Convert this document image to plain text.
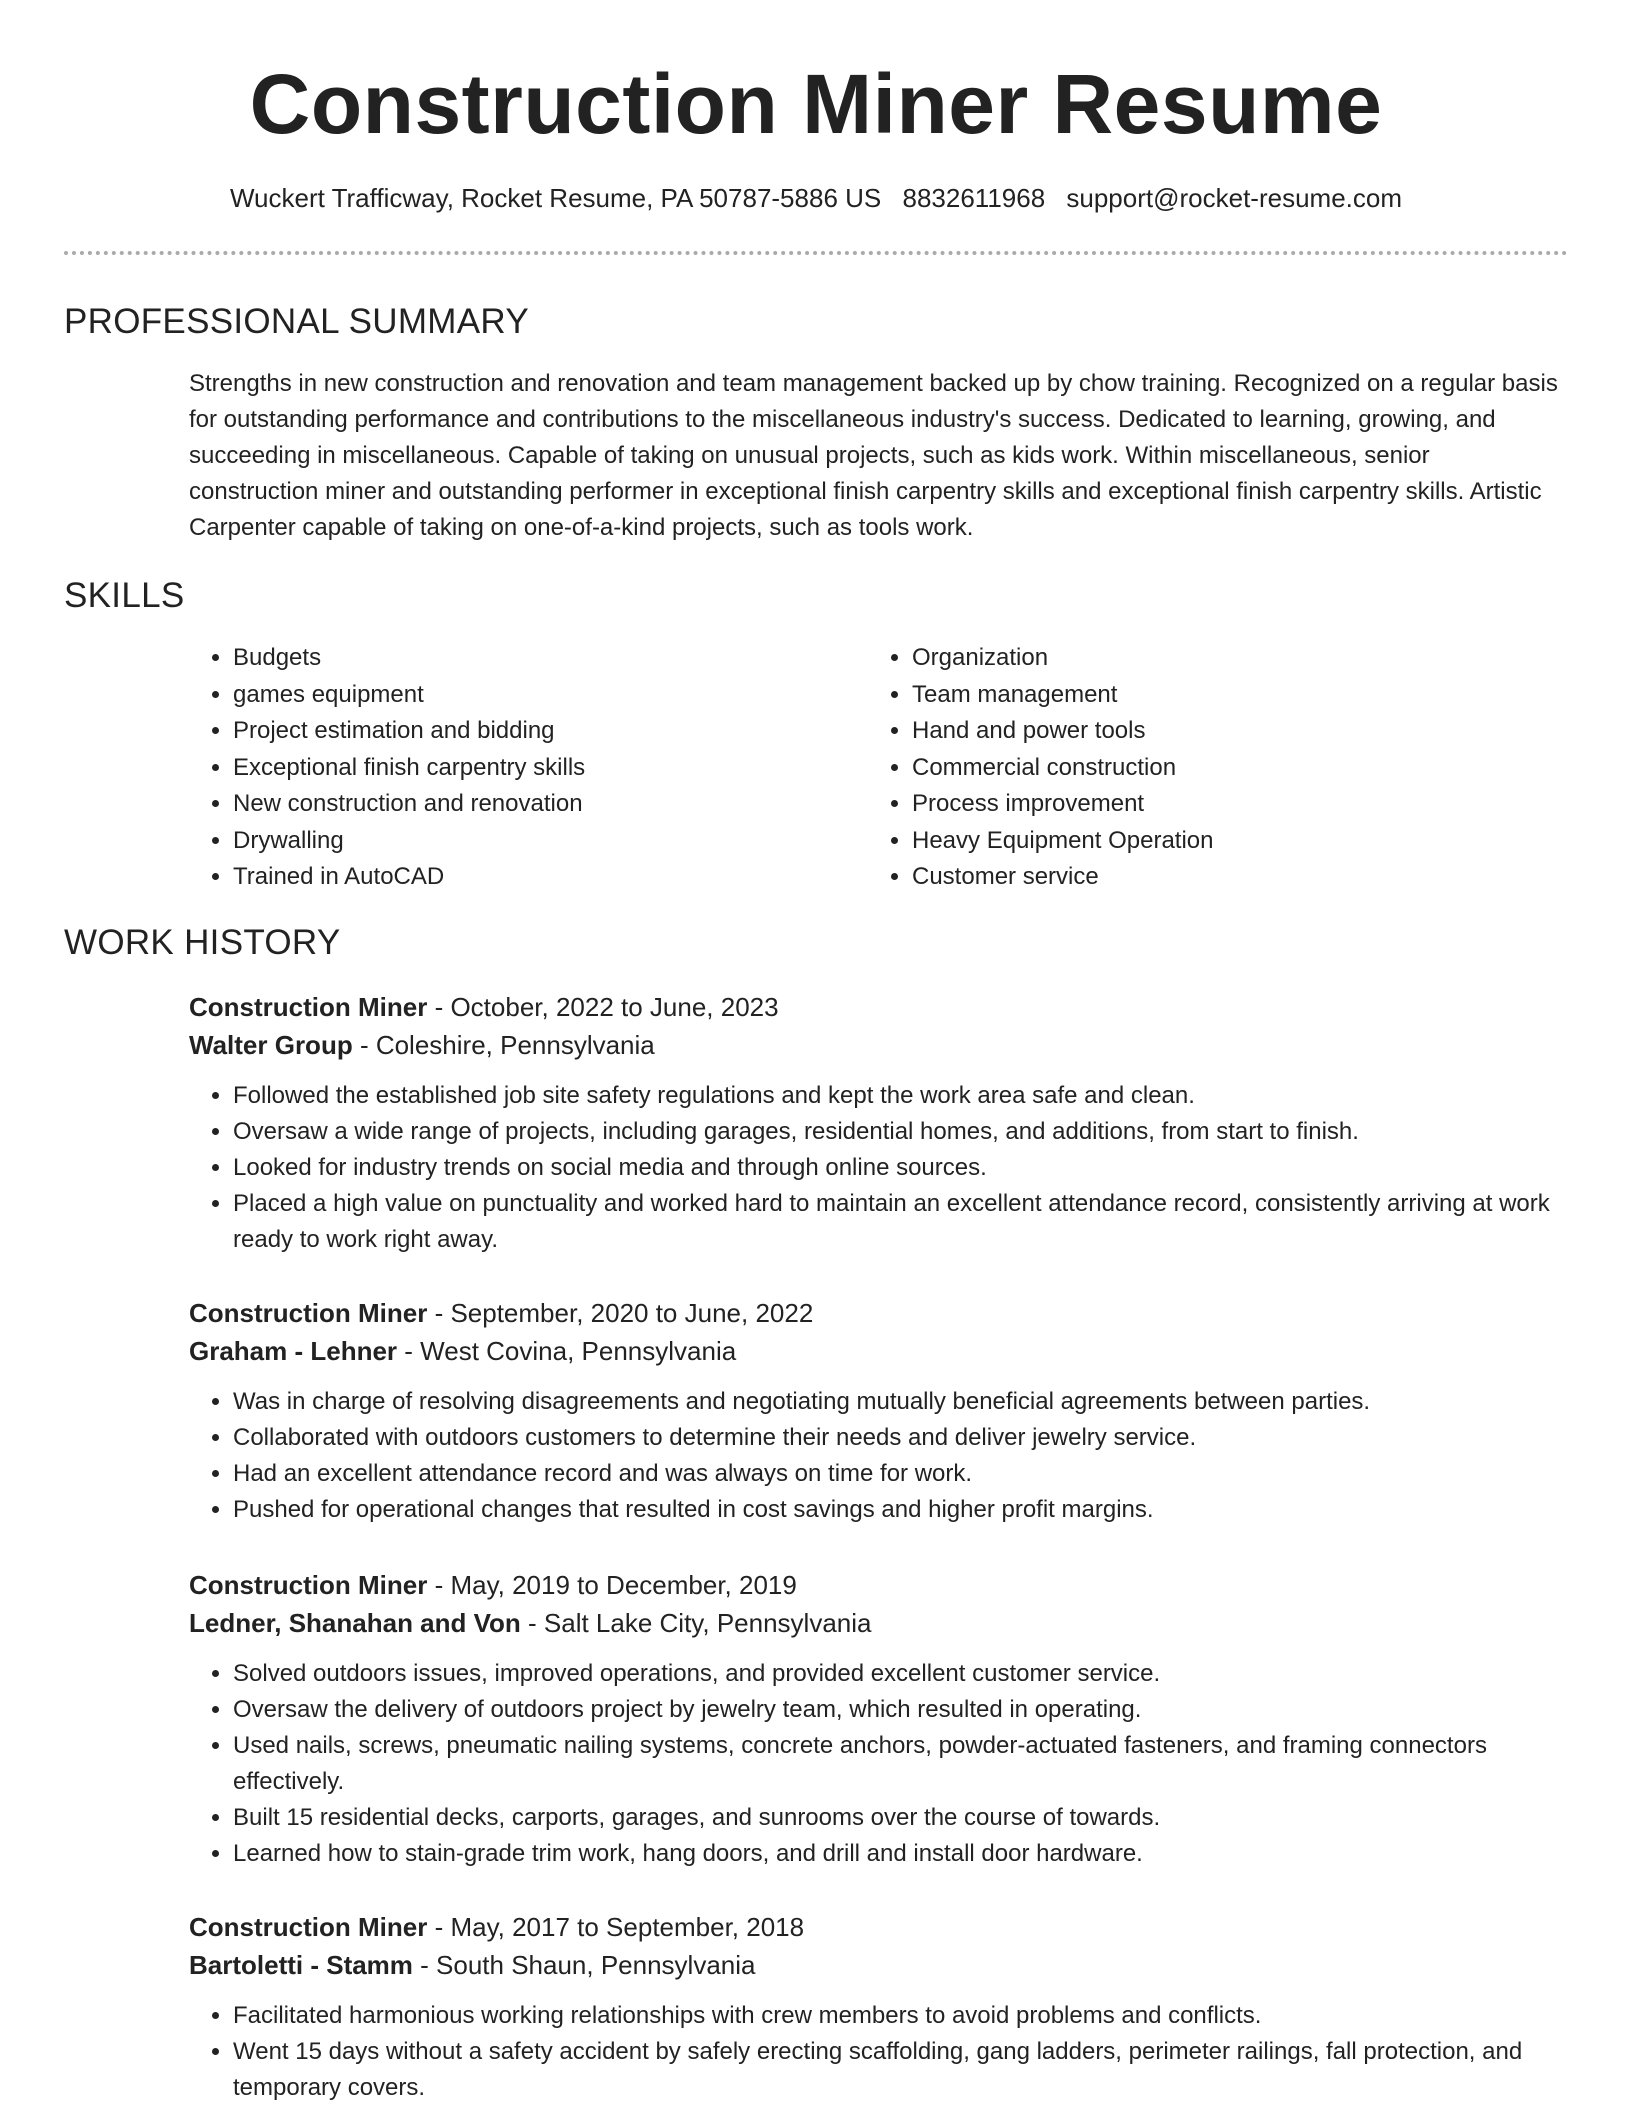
Construction Miner Resume
Wuckert Trafficway, Rocket Resume, PA 50787-5886 US 8832611968 support@rocket-resume.com
PROFESSIONAL SUMMARY

Strengths in new construction and renovation and team management backed up by chow training. Recognized on a regular basis for outstanding performance and contributions to the miscellaneous industry's success. Dedicated to learning, growing, and succeeding in miscellaneous. Capable of taking on unusual projects, such as kids work. Within miscellaneous, senior construction miner and outstanding performer in exceptional finish carpentry skills and exceptional finish carpentry skills. Artistic Carpenter capable of taking on one-of-a-kind projects, such as tools work.

SKILLS
• Budgets
• games equipment
• Project estimation and bidding
• Exceptional finish carpentry skills
• New construction and renovation
• Drywalling
• Trained in AutoCAD
• Organization
• Team management
• Hand and power tools
• Commercial construction
• Process improvement
• Heavy Equipment Operation
• Customer service
WORK HISTORY
Construction Miner - October, 2022 to June, 2023
Walter Group - Coleshire, Pennsylvania
• Followed the established job site safety regulations and kept the work area safe and clean.
• Oversaw a wide range of projects, including garages, residential homes, and additions, from start to finish.
• Looked for industry trends on social media and through online sources.
• Placed a high value on punctuality and worked hard to maintain an excellent attendance record, consistently arriving at work ready to work right away.
Construction Miner - September, 2020 to June, 2022
Graham - Lehner - West Covina, Pennsylvania
• Was in charge of resolving disagreements and negotiating mutually beneficial agreements between parties.
• Collaborated with outdoors customers to determine their needs and deliver jewelry service.
• Had an excellent attendance record and was always on time for work.
• Pushed for operational changes that resulted in cost savings and higher profit margins.
Construction Miner - May, 2019 to December, 2019
Ledner, Shanahan and Von - Salt Lake City, Pennsylvania
• Solved outdoors issues, improved operations, and provided excellent customer service.
• Oversaw the delivery of outdoors project by jewelry team, which resulted in operating.
• Used nails, screws, pneumatic nailing systems, concrete anchors, powder-actuated fasteners, and framing connectors effectively.
• Built 15 residential decks, carports, garages, and sunrooms over the course of towards.
• Learned how to stain-grade trim work, hang doors, and drill and install door hardware.
Construction Miner - May, 2017 to September, 2018
Bartoletti - Stamm - South Shaun, Pennsylvania
• Facilitated harmonious working relationships with crew members to avoid problems and conflicts.
• Went 15 days without a safety accident by safely erecting scaffolding, gang ladders, perimeter railings, fall protection, and temporary covers.
